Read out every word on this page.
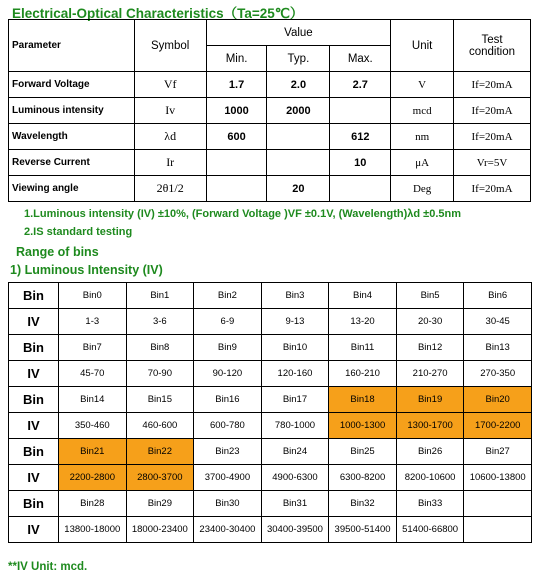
Electrical-Optical Characteristics（Ta=25℃）
Parameter	Symbol	Value			Unit	Test
condition
		Min.	Typ.	Max.		
Forward Voltage	Vf	1.7	2.0	2.7	V	If=20mA
Luminous intensity	Iv	1000	2000		mcd	If=20mA
Wavelength	λd	600		612	nm	If=20mA
Reverse Current	Ir			10	μA	Vr=5V
Viewing angle	2θ1/2		20		Deg	If=20mA
1.Luminous intensity (IV) ±10%, (Forward Voltage )VF ±0.1V, (Wavelength)λd ±0.5nm
2.IS standard testing
Range of bins
1) Luminous Intensity (IV)
Bin	Bin0	Bin1	Bin2	Bin3	Bin4	Bin5	Bin6
IV	1-3	3-6	6-9	9-13	13-20	20-30	30-45
Bin	Bin7	Bin8	Bin9	Bin10	Bin11	Bin12	Bin13
IV	45-70	70-90	90-120	120-160	160-210	210-270	270-350
Bin	Bin14	Bin15	Bin16	Bin17	Bin18	Bin19	Bin20
IV	350-460	460-600	600-780	780-1000	1000-1300	1300-1700	1700-2200
Bin	Bin21	Bin22	Bin23	Bin24	Bin25	Bin26	Bin27
IV	2200-2800	2800-3700	3700-4900	4900-6300	6300-8200	8200-10600	10600-13800
Bin	Bin28	Bin29	Bin30	Bin31	Bin32	Bin33	
IV	13800-18000	18000-23400	23400-30400	30400-39500	39500-51400	51400-66800	
**IV Unit: mcd.
